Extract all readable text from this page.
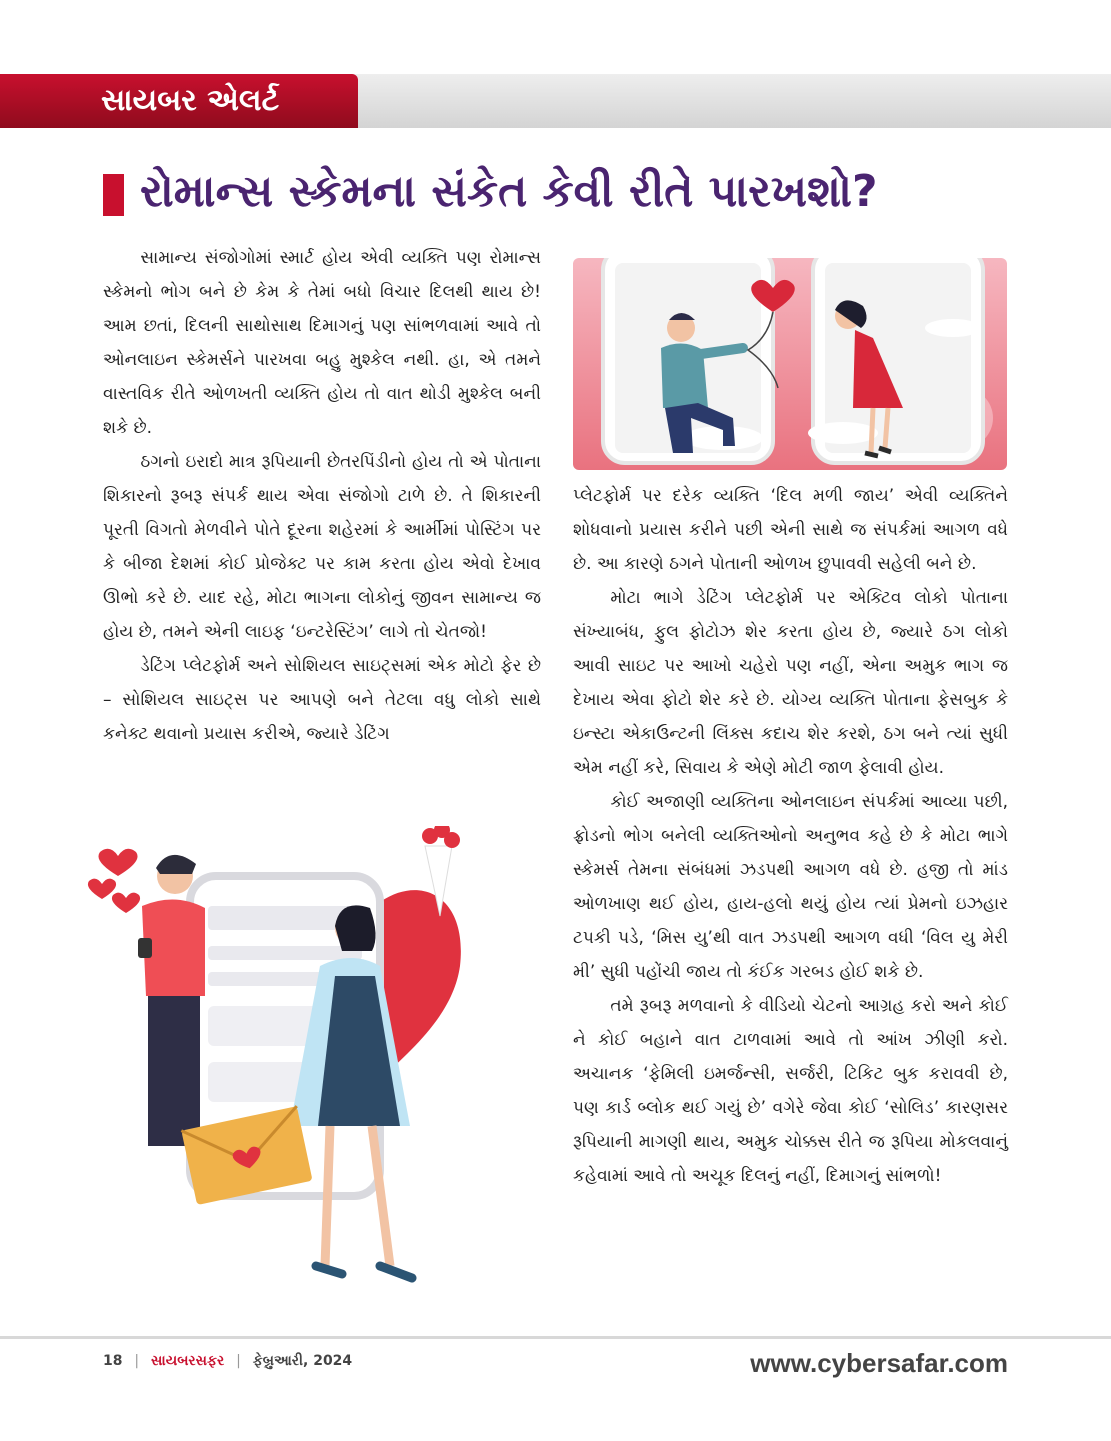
સાયબર એલર્ટ
રોમાન્સ સ્કેમના સંકેત કેવી રીતે પારખશો?

સામાન્ય સંજોગોમાં સ્માર્ટ હોય એવી વ્યક્તિ પણ રોમાન્સ સ્કેમનો ભોગ બને છે કેમ કે તેમાં બધો વિચાર દિલથી થાય છે! આમ છતાં, દિલની સાથોસાથ દિમાગનું પણ સાંભળવામાં આવે તો ઓનલાઇન સ્કેમર્સને પારખવા બહુ મુશ્કેલ નથી. હા, એ તમને વાસ્તવિક રીતે ઓળખતી વ્યક્તિ હોય તો વાત થોડી મુશ્કેલ બની શકે છે.

ઠગનો ઇરાદો માત્ર રૂપિયાની છેતરપિંડીનો હોય તો એ પોતાના શિકારનો રૂબરૂ સંપર્ક થાય એવા સંજોગો ટાળે છે. તે શિકારની પૂરતી વિગતો મેળવીને પોતે દૂરના શહેરમાં કે આર્મીમાં પોસ્ટિંગ પર કે બીજા દેશમાં કોઈ પ્રોજેક્ટ પર કામ કરતા હોય એવો દેખાવ ઊભો કરે છે. યાદ રહે, મોટા ભાગના લોકોનું જીવન સામાન્ય જ હોય છે, તમને એની લાઇફ ‘ઇન્ટરેસ્ટિંગ’ લાગે તો ચેતજો!

ડેટિંગ પ્લેટફોર્મ અને સોશિયલ સાઇટ્સમાં એક મોટો ફેર છે – સોશિયલ સાઇટ્સ પર આપણે બને તેટલા વધુ લોકો સાથે કનેક્ટ થવાનો પ્રયાસ કરીએ, જ્યારે ડેટિંગ

પ્લેટફોર્મ પર દરેક વ્યક્તિ ‘દિલ મળી જાય’ એવી વ્યક્તિને શોધવાનો પ્રયાસ કરીને પછી એની સાથે જ સંપર્કમાં આગળ વધે છે. આ કારણે ઠગને પોતાની ઓળખ છુપાવવી સહેલી બને છે.

મોટા ભાગે ડેટિંગ પ્લેટફોર્મ પર એક્ટિવ લોકો પોતાના સંખ્યાબંધ, ફુલ ફોટોઝ શેર કરતા હોય છે, જ્યારે ઠગ લોકો આવી સાઇટ પર આખો ચહેરો પણ નહીં, એના અમુક ભાગ જ દેખાય એવા ફોટો શેર કરે છે. યોગ્ય વ્યક્તિ પોતાના ફેસબુક કે ઇન્સ્ટા એકાઉન્ટની લિંક્સ કદાચ શેર કરશે, ઠગ બને ત્યાં સુધી એમ નહીં કરે, સિવાય કે એણે મોટી જાળ ફેલાવી હોય.

કોઈ અજાણી વ્યક્તિના ઓનલાઇન સંપર્કમાં આવ્યા પછી, ફ્રોડનો ભોગ બનેલી વ્યક્તિઓનો અનુભવ કહે છે કે મોટા ભાગે સ્કેમર્સ તેમના સંબંધમાં ઝડપથી આગળ વધે છે. હજી તો માંડ ઓળખાણ થઈ હોય, હાય-હલો થયું હોય ત્યાં પ્રેમનો ઇઝહાર ટપકી પડે, ‘મિસ યુ’થી વાત ઝડપથી આગળ વધી ‘વિલ યુ મેરી મી’ સુધી પહોંચી જાય તો કંઈક ગરબડ હોઈ શકે છે.

તમે રૂબરૂ મળવાનો કે વીડિયો ચેટનો આગ્રહ કરો અને કોઈ ને કોઈ બહાને વાત ટાળવામાં આવે તો આંખ ઝીણી કરો. અચાનક ‘ફેમિલી ઇમર્જન્સી, સર્જરી, ટિકિટ બુક કરાવવી છે, પણ કાર્ડ બ્લોક થઈ ગયું છે’ વગેરે જેવા કોઈ ‘સોલિડ’ કારણસર રૂપિયાની માગણી થાય, અમુક ચોક્કસ રીતે જ રૂપિયા મોકલવાનું કહેવામાં આવે તો અચૂક દિલનું નહીં, દિમાગનું સાંભળો!

18 | સાયબરસફર | ફેબ્રુઆરી, 2024	www.cybersafar.com
